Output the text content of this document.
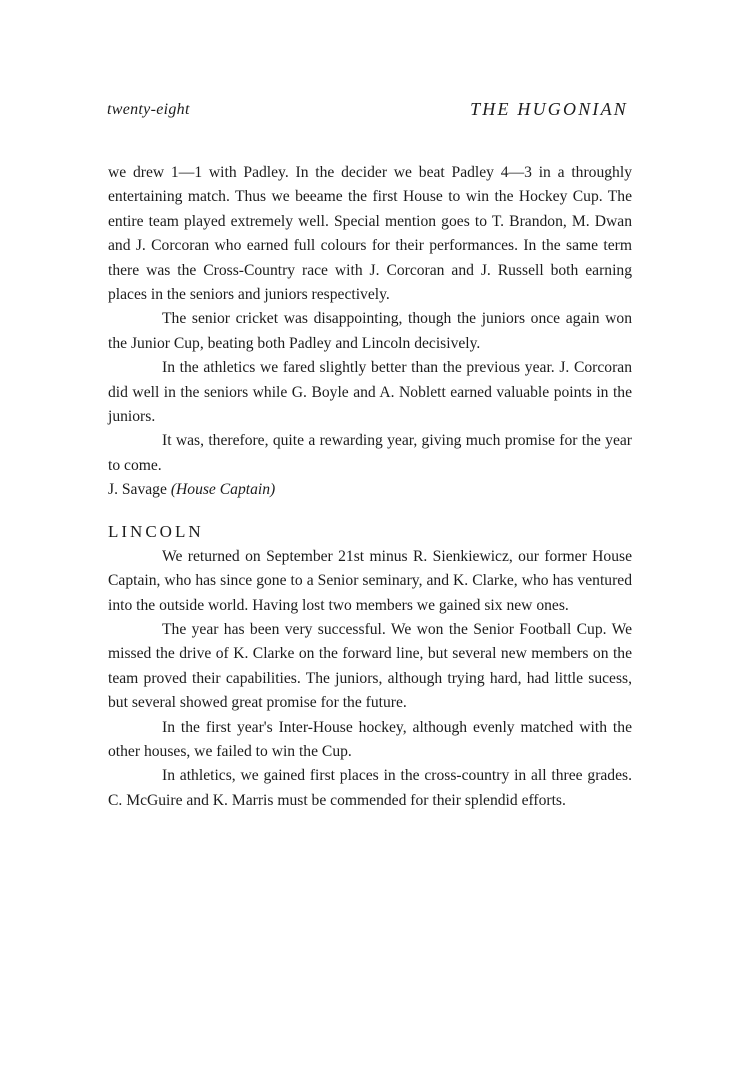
twenty-eight	THE HUGONIAN

we drew 1—1 with Padley. In the decider we beat Padley 4—3 in a throughly entertaining match. Thus we beeame the first House to win the Hockey Cup. The entire team played extremely well. Special mention goes to T. Brandon, M. Dwan and J. Corcoran who earned full colours for their performances. In the same term there was the Cross-Country race with J. Corcoran and J. Russell both earning places in the seniors and juniors respectively.

The senior cricket was disappointing, though the juniors once again won the Junior Cup, beating both Padley and Lincoln decisively.

In the athletics we fared slightly better than the previous year. J. Corcoran did well in the seniors while G. Boyle and A. Noblett earned valuable points in the juniors.

It was, therefore, quite a rewarding year, giving much promise for the year to come.

J. Savage (House Captain)

LINCOLN

We returned on September 21st minus R. Sienkiewicz, our former House Captain, who has since gone to a Senior seminary, and K. Clarke, who has ventured into the outside world. Having lost two members we gained six new ones.

The year has been very successful. We won the Senior Football Cup. We missed the drive of K. Clarke on the forward line, but several new members on the team proved their capabilities. The juniors, although trying hard, had little sucess, but several showed great promise for the future.

In the first year's Inter-House hockey, although evenly matched with the other houses, we failed to win the Cup.

In athletics, we gained first places in the cross-country in all three grades. C. McGuire and K. Marris must be commended for their splendid efforts.
